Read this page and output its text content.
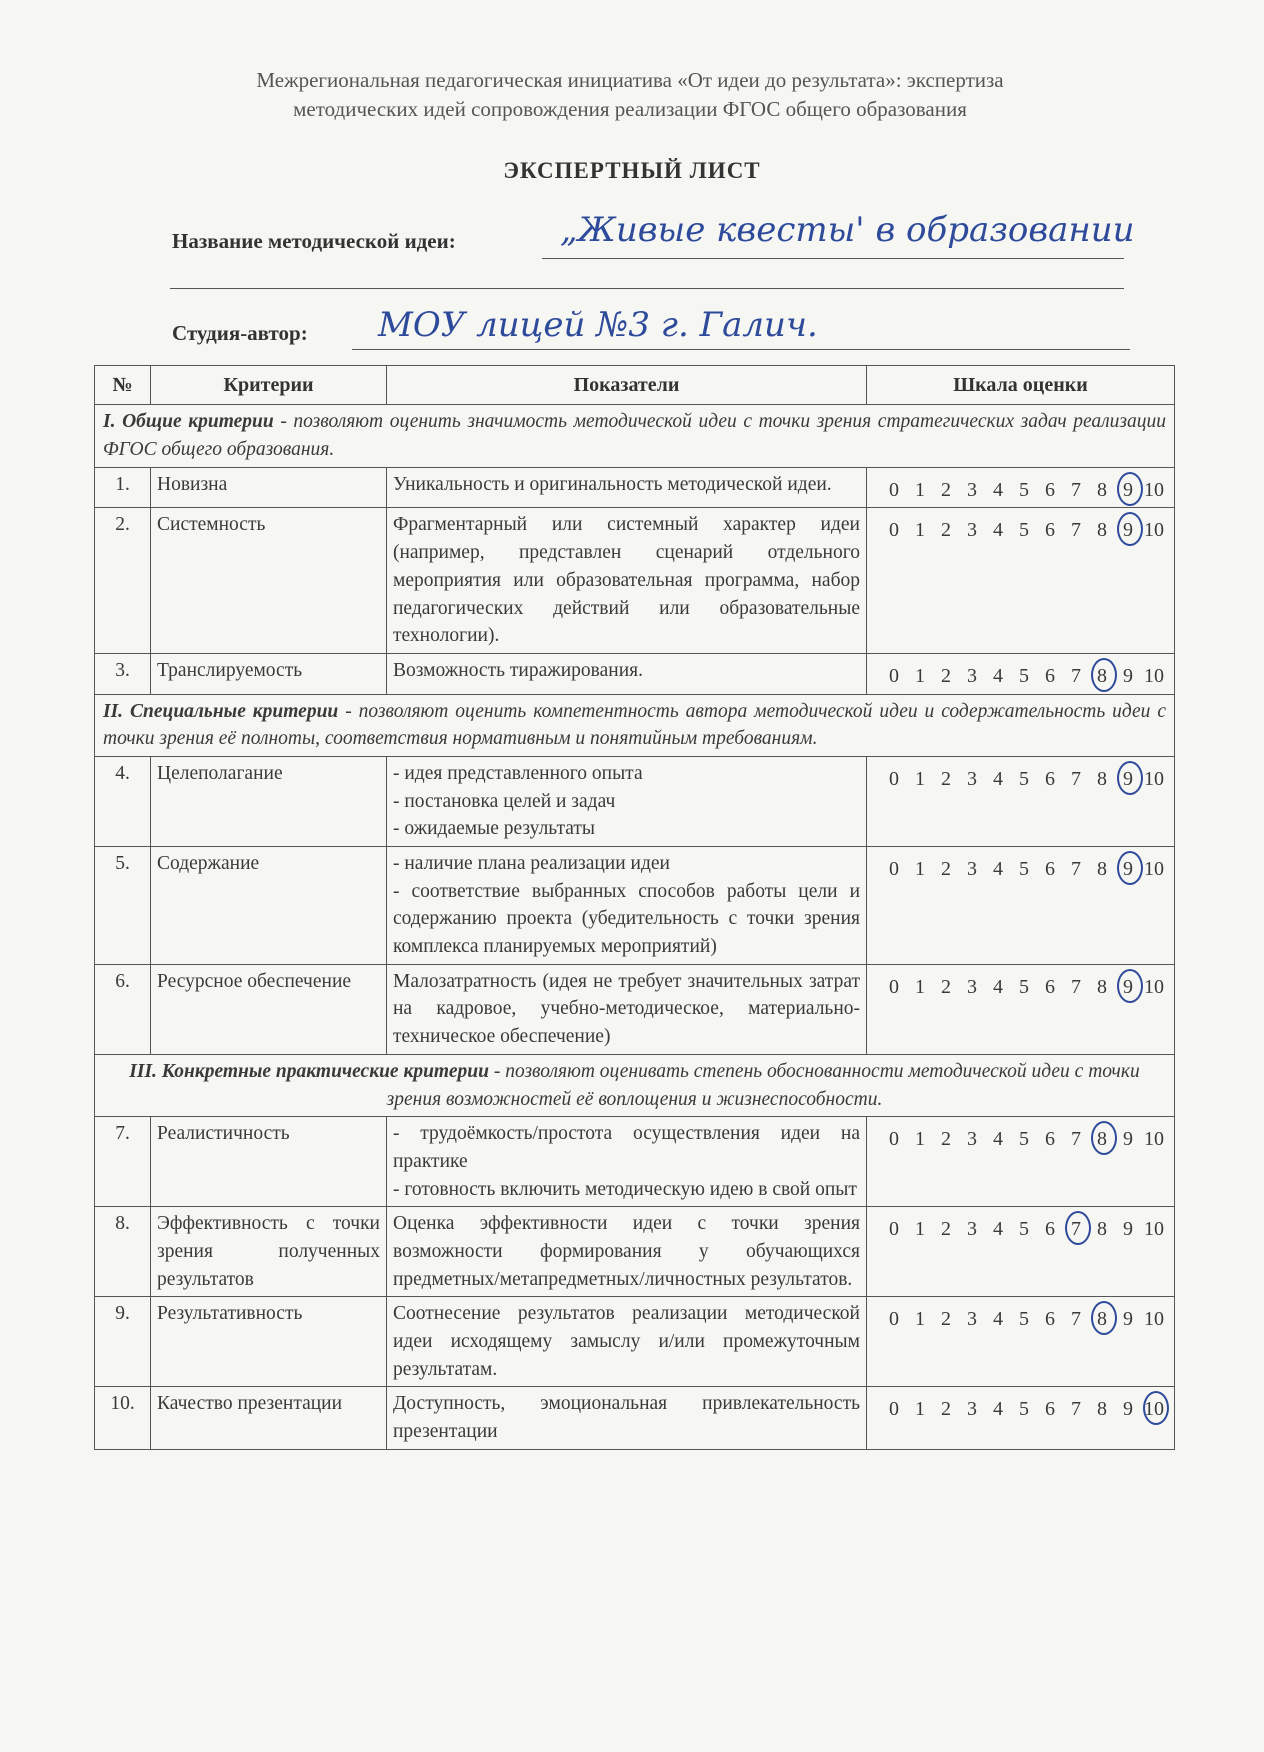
Межрегиональная педагогическая инициатива «От идеи до результата»: экспертиза
методических идей сопровождения реализации ФГОС общего образования
ЭКСПЕРТНЫЙ ЛИСТ
Название методической идеи:	„Живые квесты' в образовании
Студия-автор: МОУ лицей №3 г. Галич.
№	Критерии	Показатели	Шкала оценки
I. Общие критерии - позволяют оценить значимость методической идеи с точки зрения стратегических задач реализации ФГОС общего образования.			
1.	Новизна	Уникальность и оригинальность методической идеи.	0 1 2 3 4 5 6 7 8 9 10
2.	Системность	Фрагментарный или системный характер идеи (например, представлен сценарий отдельного мероприятия или образовательная программа, набор педагогических действий или образовательные технологии).	0 1 2 3 4 5 6 7 8 9 10
3.	Транслируемость	Возможность тиражирования.	0 1 2 3 4 5 6 7 8 9 10
II. Специальные критерии - позволяют оценить компетентность автора методической идеи и содержательность идеи с точки зрения её полноты, соответствия нормативным и понятийным требованиям.			
4.	Целеполагание	- идея представленного опыта
- постановка целей и задач
- ожидаемые результаты	0 1 2 3 4 5 6 7 8 9 10
5.	Содержание	- наличие плана реализации идеи
- соответствие выбранных способов работы цели и содержанию проекта (убедительность с точки зрения комплекса планируемых мероприятий)	0 1 2 3 4 5 6 7 8 9 10
6.	Ресурсное обеспечение	Малозатратность (идея не требует значительных затрат на кадровое, учебно-методическое, материально-техническое обеспечение)	0 1 2 3 4 5 6 7 8 9 10
III. Конкретные практические критерии - позволяют оценивать степень обоснованности методической идеи с точки зрения возможностей её воплощения и жизнеспособности.			
7.	Реалистичность	- трудоёмкость/простота осуществления идеи на практике
- готовность включить методическую идею в свой опыт	0 1 2 3 4 5 6 7 8 9 10
8.	Эффективность с точки зрения полученных результатов	Оценка эффективности идеи с точки зрения возможности формирования у обучающихся предметных/метапредметных/личностных результатов.	0 1 2 3 4 5 6 7 8 9 10
9.	Результативность	Соотнесение результатов реализации методической идеи исходящему замыслу и/или промежуточным результатам.	0 1 2 3 4 5 6 7 8 9 10
10.	Качество презентации	Доступность, эмоциональная привлекательность презентации	0 1 2 3 4 5 6 7 8 9 10
